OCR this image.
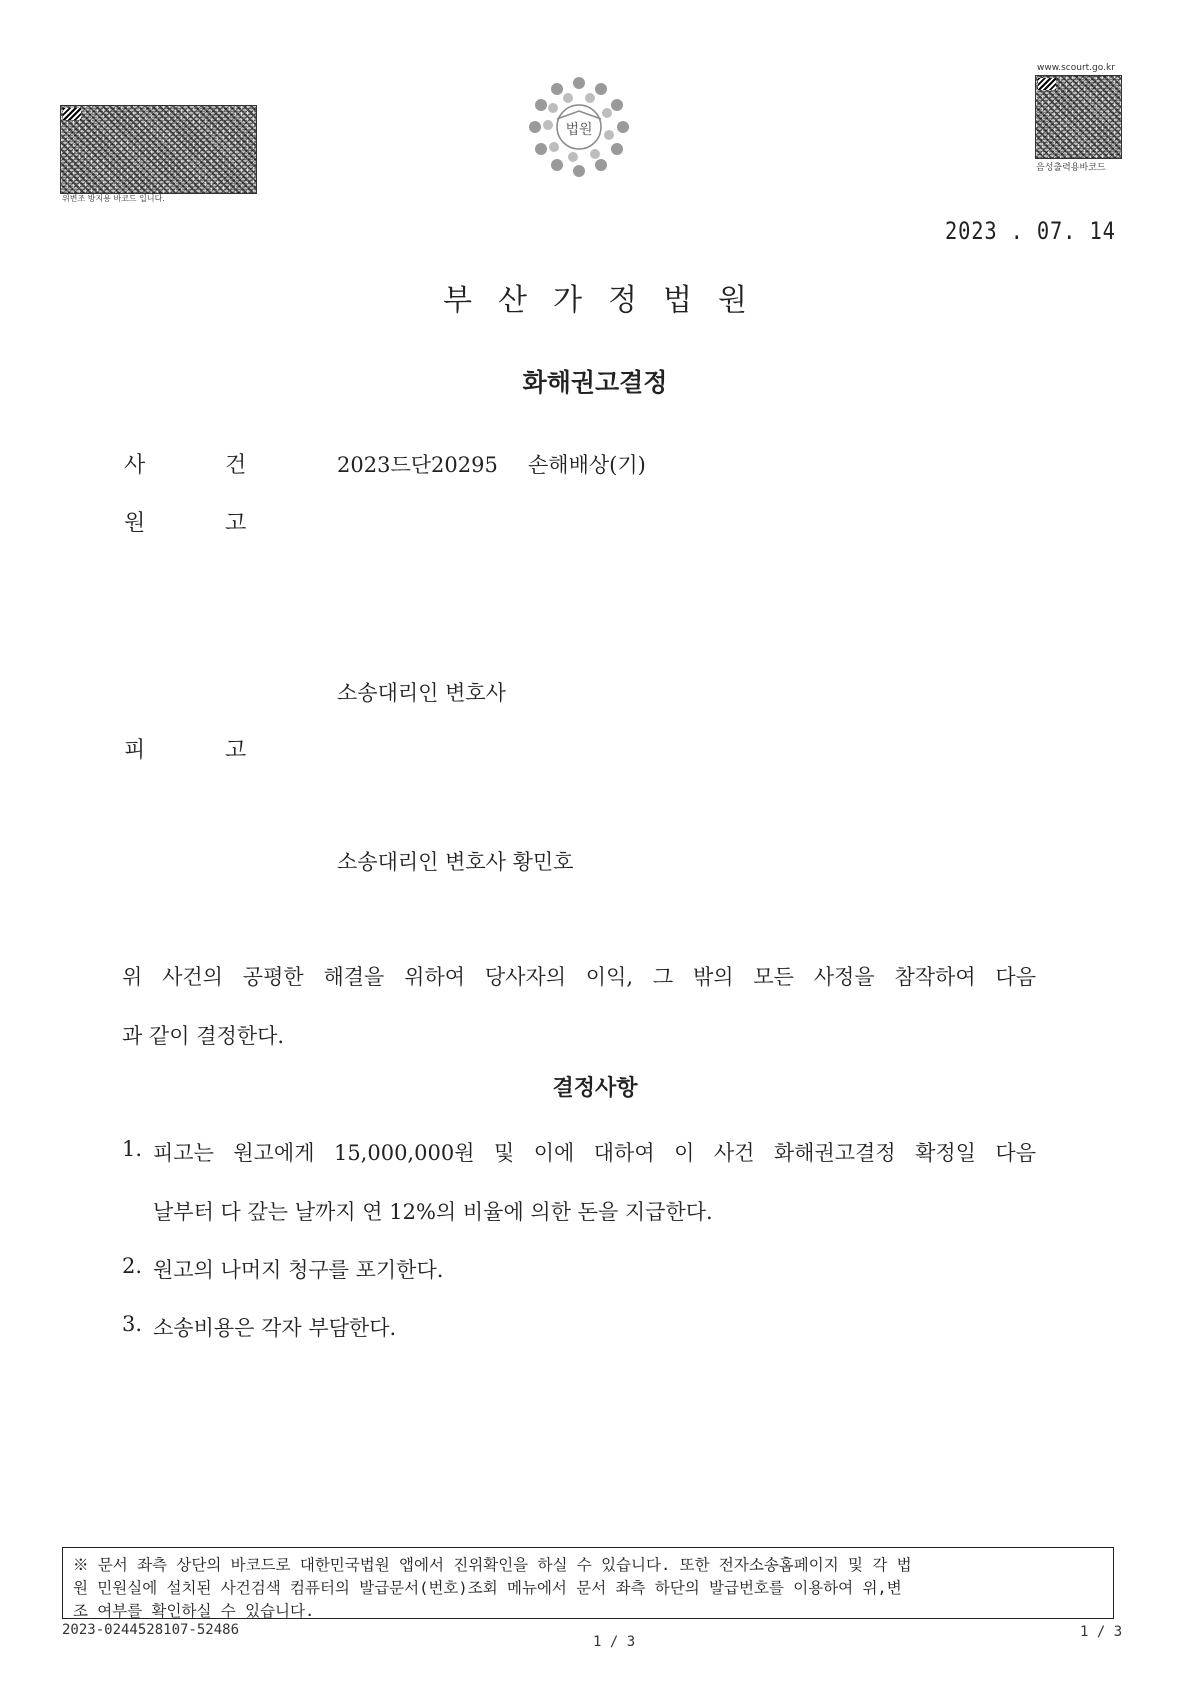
위변조 방지용 바코드 입니다.
법원
www.scourt.go.kr
음성출력용바코드
2023 . 07. 14
부산가정법원
화해권고결정
사	건	2023드단20295 손해배상(기)
원	고
소송대리인 변호사
피	고
소송대리인 변호사 황민호
위 사건의 공평한 해결을 위하여 당사자의 이익, 그 밖의 모든 사정을 참작하여 다음
과 같이 결정한다.
결정사항
1. 피고는 원고에게 15,000,000원 및 이에 대하여 이 사건 화해권고결정 확정일 다음
날부터 다 갚는 날까지 연 12%의 비율에 의한 돈을 지급한다.
2. 원고의 나머지 청구를 포기한다.
3. 소송비용은 각자 부담한다.
※ 문서 좌측 상단의 바코드로 대한민국법원 앱에서 진위확인을 하실 수 있습니다. 또한 전자소송홈페이지 및 각 법
원 민원실에 설치된 사건검색 컴퓨터의 발급문서(번호)조회 메뉴에서 문서 좌측 하단의 발급번호를 이용하여 위,변
조 여부를 확인하실 수 있습니다.
2023-0244528107-52486
1 / 3
1 / 3
